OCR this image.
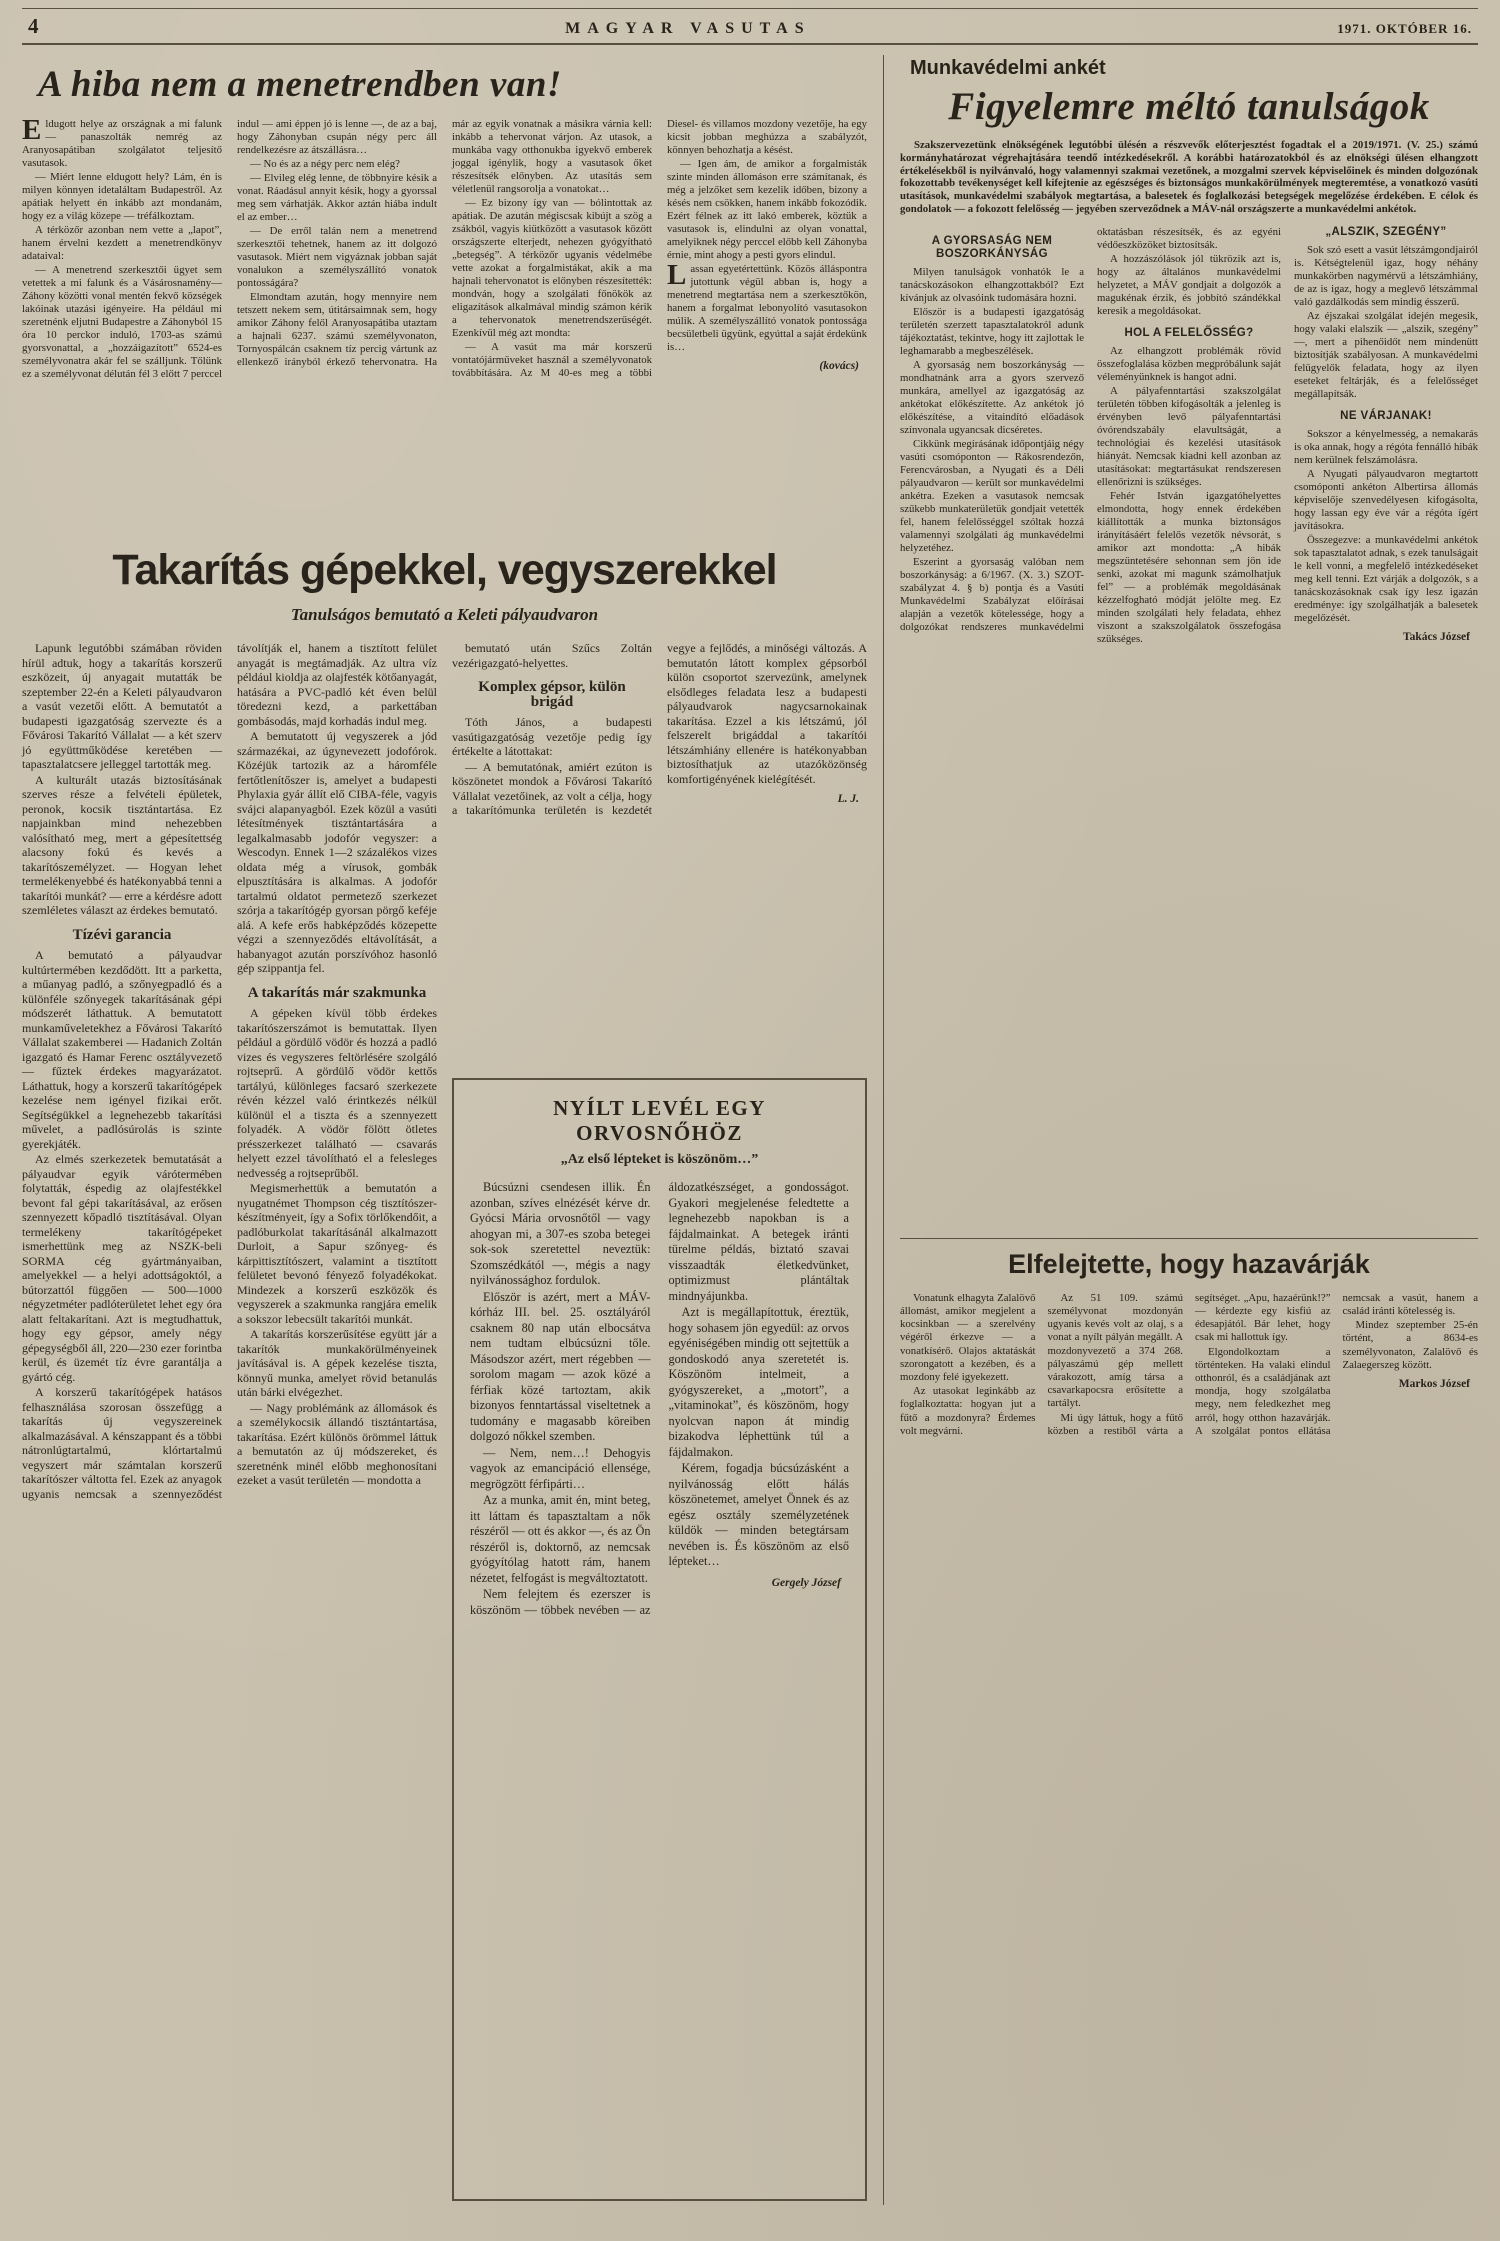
4	MAGYAR VASUTAS	1971. OKTÓBER 16.
A hiba nem a menetrendben van!

Eldugott helye az országnak a mi falunk — panaszolták nemrég az Aranyosapátiban szolgálatot teljesítő vasutasok.

— Miért lenne eldugott hely? Lám, én is milyen könnyen idetaláltam Budapestről. Az apátiak helyett én inkább azt mondanám, hogy ez a világ közepe — tréfálkoztam.

A térközőr azonban nem vette a „lapot”, hanem érvelni kezdett a menetrendkönyv adataival:

— A menetrend szerkesztői ügyet sem vetettek a mi falunk és a Vásárosnamény—Záhony közötti vonal mentén fekvő községek lakóinak utazási igényeire. Ha például mi szeretnénk eljutni Budapestre a Záhonyból 15 óra 10 perckor induló, 1703-as számú gyorsvonattal, a „hozzáigazított” 6524-es személyvonatra akár fel se szálljunk. Tőlünk ez a személyvonat délután fél 3 előtt 7 perccel indul — ami éppen jó is lenne —, de az a baj, hogy Záhonyban csupán négy perc áll rendelkezésre az átszállásra…

— No és az a négy perc nem elég?

— Elvileg elég lenne, de többnyire késik a vonat. Ráadásul annyit késik, hogy a gyorssal meg sem várhatják. Akkor aztán hiába indult el az ember…

— De erről talán nem a menetrend szerkesztői tehetnek, hanem az itt dolgozó vasutasok. Miért nem vigyáznak jobban saját vonalukon a személyszállító vonatok pontosságára?

Elmondtam azután, hogy mennyire nem tetszett nekem sem, útitársaimnak sem, hogy amikor Záhony felől Aranyosapátiba utaztam a hajnali 6237. számú személyvonaton, Tornyospálcán csaknem tíz percig vártunk az ellenkező irányból érkező tehervonatra. Ha már az egyik vonatnak a másikra várnia kell: inkább a tehervonat várjon. Az utasok, a munkába vagy otthonukba igyekvő emberek joggal igénylik, hogy a vasutasok őket részesítsék előnyben. Az utasítás sem véletlenül rangsorolja a vonatokat…

— Ez bizony így van — bólintottak az apátiak. De azután mégiscsak kibújt a szög a zsákból, vagyis kiütközött a vasutasok között országszerte elterjedt, nehezen gyógyítható „betegség”. A térközőr ugyanis védelmébe vette azokat a forgalmistákat, akik a ma hajnali tehervonatot is előnyben részesítették: mondván, hogy a szolgálati főnökök az eligazítások alkalmával mindig számon kérik a tehervonatok menetrendszerűségét. Ezenkívül még azt mondta:

— A vasút ma már korszerű vontatójárműveket használ a személyvonatok továbbítására. Az M 40-es meg a többi Diesel- és villamos mozdony vezetője, ha egy kicsit jobban meghúzza a szabályzót, könnyen behozhatja a késést.

— Igen ám, de amikor a forgalmisták szinte minden állomáson erre számítanak, és még a jelzőket sem kezelik időben, bizony a késés nem csökken, hanem inkább fokozódik. Ezért félnek az itt lakó emberek, köztük a vasutasok is, elindulni az olyan vonattal, amelyiknek négy perccel előbb kell Záhonyba érnie, mint ahogy a pesti gyors elindul.

Lassan egyetértettünk. Közös álláspontra jutottunk végül abban is, hogy a menetrend megtartása nem a szerkesztőkön, hanem a forgalmat lebonyolító vasutasokon múlik. A személyszállító vonatok pontossága becsületbeli ügyünk, egyúttal a saját érdekünk is…

(kovács)
Takarítás gépekkel, vegyszerekkel
Tanulságos bemutató a Keleti pályaudvaron

Lapunk legutóbbi számában röviden hírül adtuk, hogy a takarítás korszerű eszközeit, új anyagait mutatták be szeptember 22-én a Keleti pályaudvaron a vasút vezetői előtt. A bemutatót a budapesti igazgatóság szervezte és a Fővárosi Takarító Vállalat — a két szerv jó együttműködése keretében — tapasztalatcsere jelleggel tartották meg.

A kulturált utazás biztosításának szerves része a felvételi épületek, peronok, kocsik tisztántartása. Ez napjainkban mind nehezebben valósítható meg, mert a gépesítettség alacsony fokú és kevés a takarítószemélyzet. — Hogyan lehet termelékenyebbé és hatékonyabbá tenni a takarítói munkát? — erre a kérdésre adott szemléletes választ az érdekes bemutató.

Tízévi garancia

A bemutató a pályaudvar kultúrtermében kezdődött. Itt a parketta, a műanyag padló, a szőnyegpadló és a különféle szőnyegek takarításának gépi módszerét láthattuk. A bemutatott munkaműveletekhez a Fővárosi Takarító Vállalat szakemberei — Hadanich Zoltán igazgató és Hamar Ferenc osztályvezető — fűztek érdekes magyarázatot. Láthattuk, hogy a korszerű takarítógépek kezelése nem igényel fizikai erőt. Segítségükkel a legnehezebb takarítási művelet, a padlósúrolás is szinte gyerekjáték.

Az elmés szerkezetek bemutatását a pályaudvar egyik várótermében folytatták, éspedig az olajfestékkel bevont fal gépi takarításával, az erősen szennyezett kőpadló tisztításával. Olyan termelékeny takarítógépeket ismerhettünk meg az NSZK-beli SORMA cég gyártmányaiban, amelyekkel — a helyi adottságoktól, a bútorzattól függően — 500—1000 négyzetméter padlóterületet lehet egy óra alatt feltakarítani. Azt is megtudhattuk, hogy egy gépsor, amely négy gépegységből áll, 220—230 ezer forintba kerül, és üzemét tíz évre garantálja a gyártó cég.

A korszerű takarítógépek hatásos felhasználása szorosan összefügg a takarítás új vegyszereinek alkalmazásával. A kénszappant és a többi nátronlúgtartalmú, klórtartalmú vegyszert már számtalan korszerű takarítószer váltotta fel. Ezek az anyagok ugyanis nemcsak a szennyeződést távolítják el, hanem a tisztított felület anyagát is megtámadják. Az ultra víz például kioldja az olajfesték kötőanyagát, hatására a PVC-padló két éven belül töredezni kezd, a parkettában gombásodás, majd korhadás indul meg.

A bemutatott új vegyszerek a jód származékai, az úgynevezett jodofórok. Közéjük tartozik az a háromféle fertőtlenítőszer is, amelyet a budapesti Phylaxia gyár állít elő CIBA-féle, vagyis svájci alapanyagból. Ezek közül a vasúti létesítmények tisztántartására a legalkalmasabb jodofór vegyszer: a Wescodyn. Ennek 1—2 százalékos vizes oldata még a vírusok, gombák elpusztítására is alkalmas. A jodofór tartalmú oldatot permetező szerkezet szórja a takarítógép gyorsan pörgő keféje alá. A kefe erős habképződés közepette végzi a szennyeződés eltávolítását, a habanyagot azután porszívóhoz hasonló gép szippantja fel.

A takarítás már szakmunka

A gépeken kívül több érdekes takarítószerszámot is bemutattak. Ilyen például a gördülő vödör és hozzá a padló vizes és vegyszeres feltörlésére szolgáló rojtseprű. A gördülő vödör kettős tartályú, különleges facsaró szerkezete révén kézzel való érintkezés nélkül különül el a tiszta és a szennyezett folyadék. A vödör fölött ötletes présszerkezet található — csavarás helyett ezzel távolítható el a felesleges nedvesség a rojtseprűből.

Megismerhettük a bemutatón a nyugatnémet Thompson cég tisztítószer-készítményeit, így a Sofix törlőkendőit, a padlóburkolat takarításánál alkalmazott Durloit, a Sapur szőnyeg- és kárpittisztítószert, valamint a tisztított felületet bevonó fényező folyadékokat. Mindezek a korszerű eszközök és vegyszerek a szakmunka rangjára emelik a sokszor lebecsült takarítói munkát.

A takarítás korszerűsítése együtt jár a takarítók munkakörülményeinek javításával is. A gépek kezelése tiszta, könnyű munka, amelyet rövid betanulás után bárki elvégezhet.

— Nagy problémánk az állomások és a személykocsik állandó tisztántartása, takarítása. Ezért különös örömmel láttuk a bemutatón az új módszereket, és szeretnénk minél előbb meghonosítani ezeket a vasút területén — mondotta a

bemutató után Szűcs Zoltán vezérigazgató-helyettes.

Komplex gépsor, külön brigád

Tóth János, a budapesti vasútigazgatóság vezetője pedig így értékelte a látottakat:

— A bemutatónak, amiért ezúton is köszönetet mondok a Fővárosi Takarító Vállalat vezetőinek, az volt a célja, hogy a takarítómunka területén is kezdetét vegye a fejlődés, a minőségi változás. A bemutatón látott komplex gépsorból külön csoportot szervezünk, amelynek elsődleges feladata lesz a budapesti pályaudvarok nagycsarnokainak takarítása. Ezzel a kis létszámú, jól felszerelt brigáddal a takarítói létszámhiány ellenére is hatékonyabban biztosíthatjuk az utazóközönség komfortigényének kielégítését.

L. J.
NYÍLT LEVÉL EGY ORVOSNŐHÖZ
„Az első lépteket is köszönöm…”

Búcsúzni csendesen illik. Én azonban, szíves elnézését kérve dr. Gyócsi Mária orvosnőtől — vagy ahogyan mi, a 307-es szoba betegei sok-sok szeretettel neveztük: Szomszédkától —, mégis a nagy nyilvánossághoz fordulok.

Először is azért, mert a MÁV-kórház III. bel. 25. osztályáról csaknem 80 nap után elbocsátva nem tudtam elbúcsúzni tőle. Másodszor azért, mert régebben — sorolom magam — azok közé a férfiak közé tartoztam, akik bizonyos fenntartással viseltetnek a tudomány e magasabb köreiben dolgozó nőkkel szemben.

— Nem, nem…! Dehogyis vagyok az emancipáció ellensége, megrögzött férfipárti…

Az a munka, amit én, mint beteg, itt láttam és tapasztaltam a nők részéről — ott és akkor —, és az Ön részéről is, doktornő, az nemcsak gyógyítólag hatott rám, hanem nézetet, felfogást is megváltoztatott.

Nem felejtem és ezerszer is köszönöm — többek nevében — az áldozatkészséget, a gondosságot. Gyakori megjelenése feledtette a legnehezebb napokban is a fájdalmainkat. A betegek iránti türelme példás, biztató szavai visszaadták életkedvünket, optimizmust plántáltak mindnyájunkba.

Azt is megállapítottuk, éreztük, hogy sohasem jön egyedül: az orvos egyéniségében mindig ott sejtettük a gondoskodó anya szeretetét is. Köszönöm intelmeit, a gyógyszereket, a „motort”, a „vitaminokat”, és köszönöm, hogy nyolcvan napon át mindig bizakodva léphettünk túl a fájdalmakon.

Kérem, fogadja búcsúzásként a nyilvánosság előtt hálás köszönetemet, amelyet Önnek és az egész osztály személyzetének küldök — minden betegtársam nevében is. És köszönöm az első lépteket…

Gergely József
Munkavédelmi ankét
Figyelemre méltó tanulságok

Szakszervezetünk elnökségének legutóbbi ülésén a részvevők előterjesztést fogadtak el a 2019/1971. (V. 25.) számú kormányhatározat végrehajtására teendő intézkedésekről. A korábbi határozatokból és az elnökségi ülésen elhangzott értékelésekből is nyilvánvaló, hogy valamennyi szakmai vezetőnek, a mozgalmi szervek képviselőinek és minden dolgozónak fokozottabb tevékenységet kell kifejtenie az egészséges és biztonságos munkakörülmények megteremtése, a vonatkozó vasúti utasítások, munkavédelmi szabályok megtartása, a balesetek és foglalkozási betegségek megelőzése érdekében. E célok és gondolatok — a fokozott felelősség — jegyében szerveződnek a MÁV-nál országszerte a munkavédelmi ankétok.

A GYORSASÁG NEM BOSZORKÁNYSÁG

Milyen tanulságok vonhatók le a tanácskozásokon elhangzottakból? Ezt kívánjuk az olvasóink tudomására hozni.

Először is a budapesti igazgatóság területén szerzett tapasztalatokról adunk tájékoztatást, tekintve, hogy itt zajlottak le leghamarabb a megbeszélések.

A gyorsaság nem boszorkányság — mondhatnánk arra a gyors szervező munkára, amellyel az igazgatóság az ankétokat előkészítette. Az ankétok jó előkészítése, a vitaindító előadások színvonala ugyancsak dicséretes.

Cikkünk megírásának időpontjáig négy vasúti csomóponton — Rákosrendezőn, Ferencvárosban, a Nyugati és a Déli pályaudvaron — került sor munkavédelmi ankétra. Ezeken a vasutasok nemcsak szűkebb munkaterületük gondjait vetették fel, hanem felelősséggel szóltak hozzá valamennyi szolgálati ág munkavédelmi helyzetéhez.

Eszerint a gyorsaság valóban nem boszorkányság: a 6/1967. (X. 3.) SZOT-szabályzat 4. § b) pontja és a Vasúti Munkavédelmi Szabályzat előírásai alapján a vezetők kötelessége, hogy a dolgozókat rendszeres munkavédelmi oktatásban részesítsék, és az egyéni védőeszközöket biztosítsák.

A hozzászólások jól tükrözik azt is, hogy az általános munkavédelmi helyzetet, a MÁV gondjait a dolgozók a magukénak érzik, és jobbító szándékkal keresik a megoldásokat.

HOL A FELELŐSSÉG?

Az elhangzott problémák rövid összefoglalása közben megpróbálunk saját véleményünknek is hangot adni.

A pályafenntartási szakszolgálat területén többen kifogásolták a jelenleg is érvényben levő pályafenntartási óvórendszabály elavultságát, a technológiai és kezelési utasítások hiányát. Nemcsak kiadni kell azonban az utasításokat: megtartásukat rendszeresen ellenőrizni is szükséges.

Fehér István igazgatóhelyettes elmondotta, hogy ennek érdekében kiállították a munka biztonságos irányításáért felelős vezetők névsorát, s amikor azt mondotta: „A hibák megszüntetésére sehonnan sem jön ide senki, azokat mi magunk számolhatjuk fel” — a problémák megoldásának kézzelfogható módját jelölte meg. Ez minden szolgálati hely feladata, ehhez viszont a szakszolgálatok összefogása szükséges.

„ALSZIK, SZEGÉNY”

Sok szó esett a vasút létszámgondjairól is. Kétségtelenül igaz, hogy néhány munkakörben nagymérvű a létszámhiány, de az is igaz, hogy a meglevő létszámmal való gazdálkodás sem mindig ésszerű.

Az éjszakai szolgálat idején megesik, hogy valaki elalszik — „alszik, szegény” —, mert a pihenőidőt nem mindenütt biztosítják szabályosan. A munkavédelmi felügyelők feladata, hogy az ilyen eseteket feltárják, és a felelősséget megállapítsák.

NE VÁRJANAK!

Sokszor a kényelmesség, a nemakarás is oka annak, hogy a régóta fennálló hibák nem kerülnek felszámolásra.

A Nyugati pályaudvaron megtartott csomóponti ankéton Albertirsa állomás képviselője szenvedélyesen kifogásolta, hogy lassan egy éve vár a régóta ígért javításokra.

Összegezve: a munkavédelmi ankétok sok tapasztalatot adnak, s ezek tanulságait le kell vonni, a megfelelő intézkedéseket meg kell tenni. Ezt várják a dolgozók, s a tanácskozásoknak csak így lesz igazán eredménye: így szolgálhatják a balesetek megelőzését.

Takács József
Elfelejtette, hogy hazavárják

Vonatunk elhagyta Zalalövő állomást, amikor megjelent a kocsinkban — a szerelvény végéről érkezve — a vonatkísérő. Olajos aktatáskát szorongatott a kezében, és a mozdony felé igyekezett.

Az utasokat leginkább az foglalkoztatta: hogyan jut a fűtő a mozdonyra? Érdemes volt megvárni.

Az 51 109. számú személyvonat mozdonyán ugyanis kevés volt az olaj, s a vonat a nyílt pályán megállt. A mozdonyvezető a 374 268. pályaszámú gép mellett várakozott, amíg társa a csavarkapocsra erősítette a tartályt.

Mi úgy láttuk, hogy a fűtő közben a restiből várta a segítséget. „Apu, hazaérünk!?” — kérdezte egy kisfiú az édesapjától. Bár lehet, hogy csak mi hallottuk így.

Elgondolkoztam a történteken. Ha valaki elindul otthonról, és a családjának azt mondja, hogy szolgálatba megy, nem feledkezhet meg arról, hogy otthon hazavárják. A szolgálat pontos ellátása nemcsak a vasút, hanem a család iránti kötelesség is.

Mindez szeptember 25-én történt, a 8634-es személyvonaton, Zalalövő és Zalaegerszeg között.

Markos József
